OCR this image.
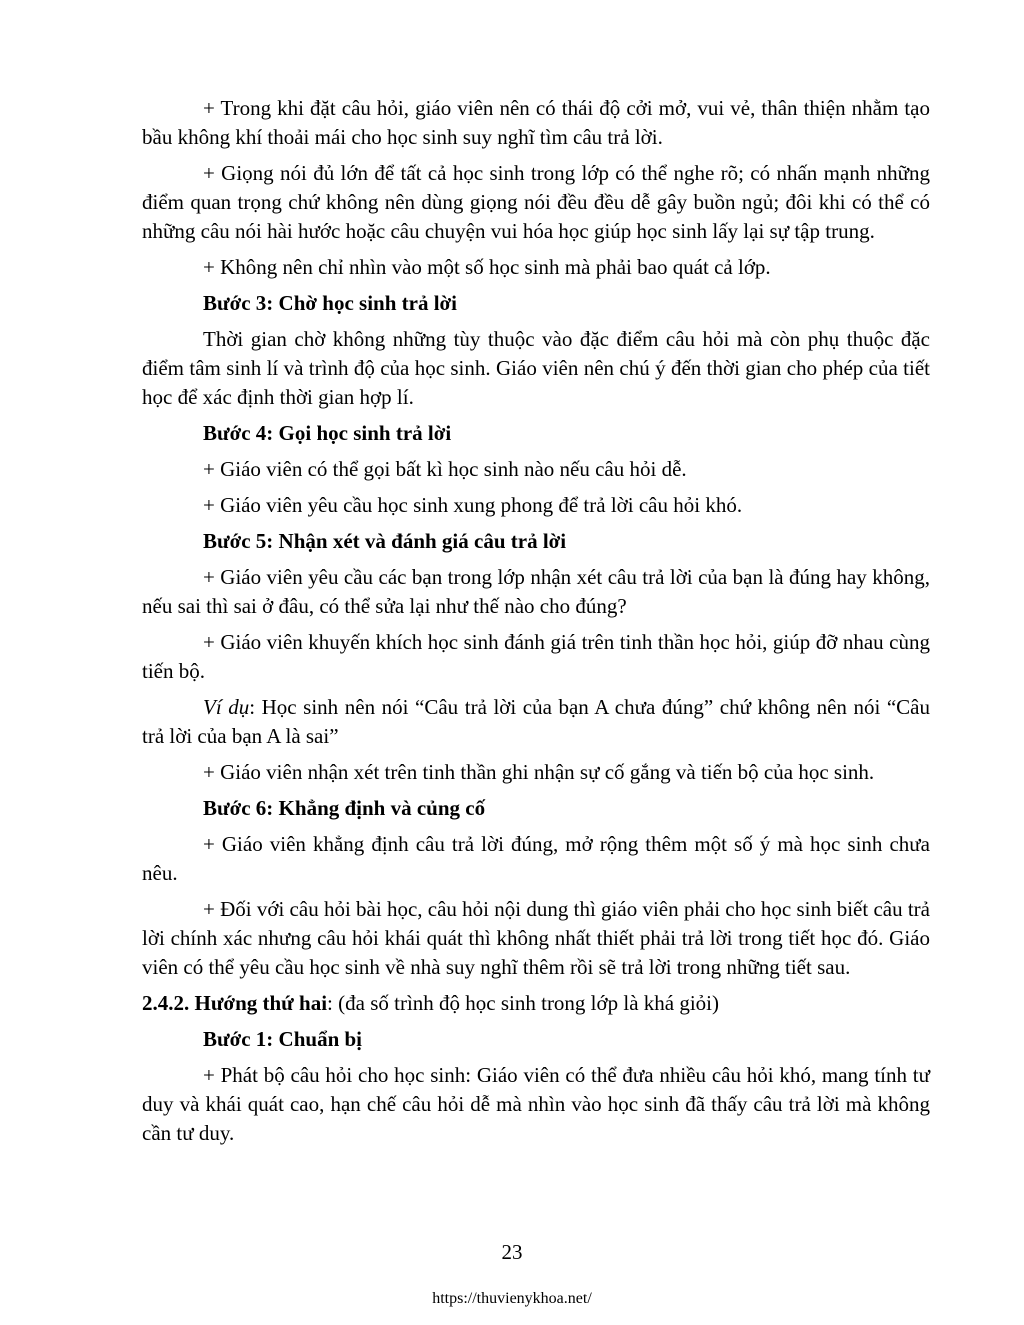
+ Trong khi đặt câu hỏi, giáo viên nên có thái độ cởi mở, vui vẻ, thân thiện nhằm tạo bầu không khí thoải mái cho học sinh suy nghĩ tìm câu trả lời.

+ Giọng nói đủ lớn để tất cả học sinh trong lớp có thể nghe rõ; có nhấn mạnh những điểm quan trọng chứ không nên dùng giọng nói đều đều dễ gây buồn ngủ; đôi khi có thể có những câu nói hài hước hoặc câu chuyện vui hóa học giúp học sinh lấy lại sự tập trung.

+ Không nên chỉ nhìn vào một số học sinh mà phải bao quát cả lớp.

Bước 3: Chờ học sinh trả lời

Thời gian chờ không những tùy thuộc vào đặc điểm câu hỏi mà còn phụ thuộc đặc điểm tâm sinh lí và trình độ của học sinh. Giáo viên nên chú ý đến thời gian cho phép của tiết học để xác định thời gian hợp lí.

Bước 4: Gọi học sinh trả lời

+ Giáo viên có thể gọi bất kì học sinh nào nếu câu hỏi dễ.

+ Giáo viên yêu cầu học sinh xung phong để trả lời câu hỏi khó.

Bước 5: Nhận xét và đánh giá câu trả lời

+ Giáo viên yêu cầu các bạn trong lớp nhận xét câu trả lời của bạn là đúng hay không, nếu sai thì sai ở đâu, có thể sửa lại như thế nào cho đúng?

+ Giáo viên khuyến khích học sinh đánh giá trên tinh thần học hỏi, giúp đỡ nhau cùng tiến bộ.

Ví dụ: Học sinh nên nói “Câu trả lời của bạn A chưa đúng” chứ không nên nói “Câu trả lời của bạn A là sai”

+ Giáo viên nhận xét trên tinh thần ghi nhận sự cố gắng và tiến bộ của học sinh.

Bước 6: Khẳng định và củng cố

+ Giáo viên khẳng định câu trả lời đúng, mở rộng thêm một số ý mà học sinh chưa nêu.

+ Đối với câu hỏi bài học, câu hỏi nội dung thì giáo viên phải cho học sinh biết câu trả lời chính xác nhưng câu hỏi khái quát thì không nhất thiết phải trả lời trong tiết học đó. Giáo viên có thể yêu cầu học sinh về nhà suy nghĩ thêm rồi sẽ trả lời trong những tiết sau.

2.4.2. Hướng thứ hai: (đa số trình độ học sinh trong lớp là khá giỏi)

Bước 1: Chuẩn bị

+ Phát bộ câu hỏi cho học sinh: Giáo viên có thể đưa nhiều câu hỏi khó, mang tính tư duy và khái quát cao, hạn chế câu hỏi dễ mà nhìn vào học sinh đã thấy câu trả lời mà không cần tư duy.

23
https://thuvienykhoa.net/
